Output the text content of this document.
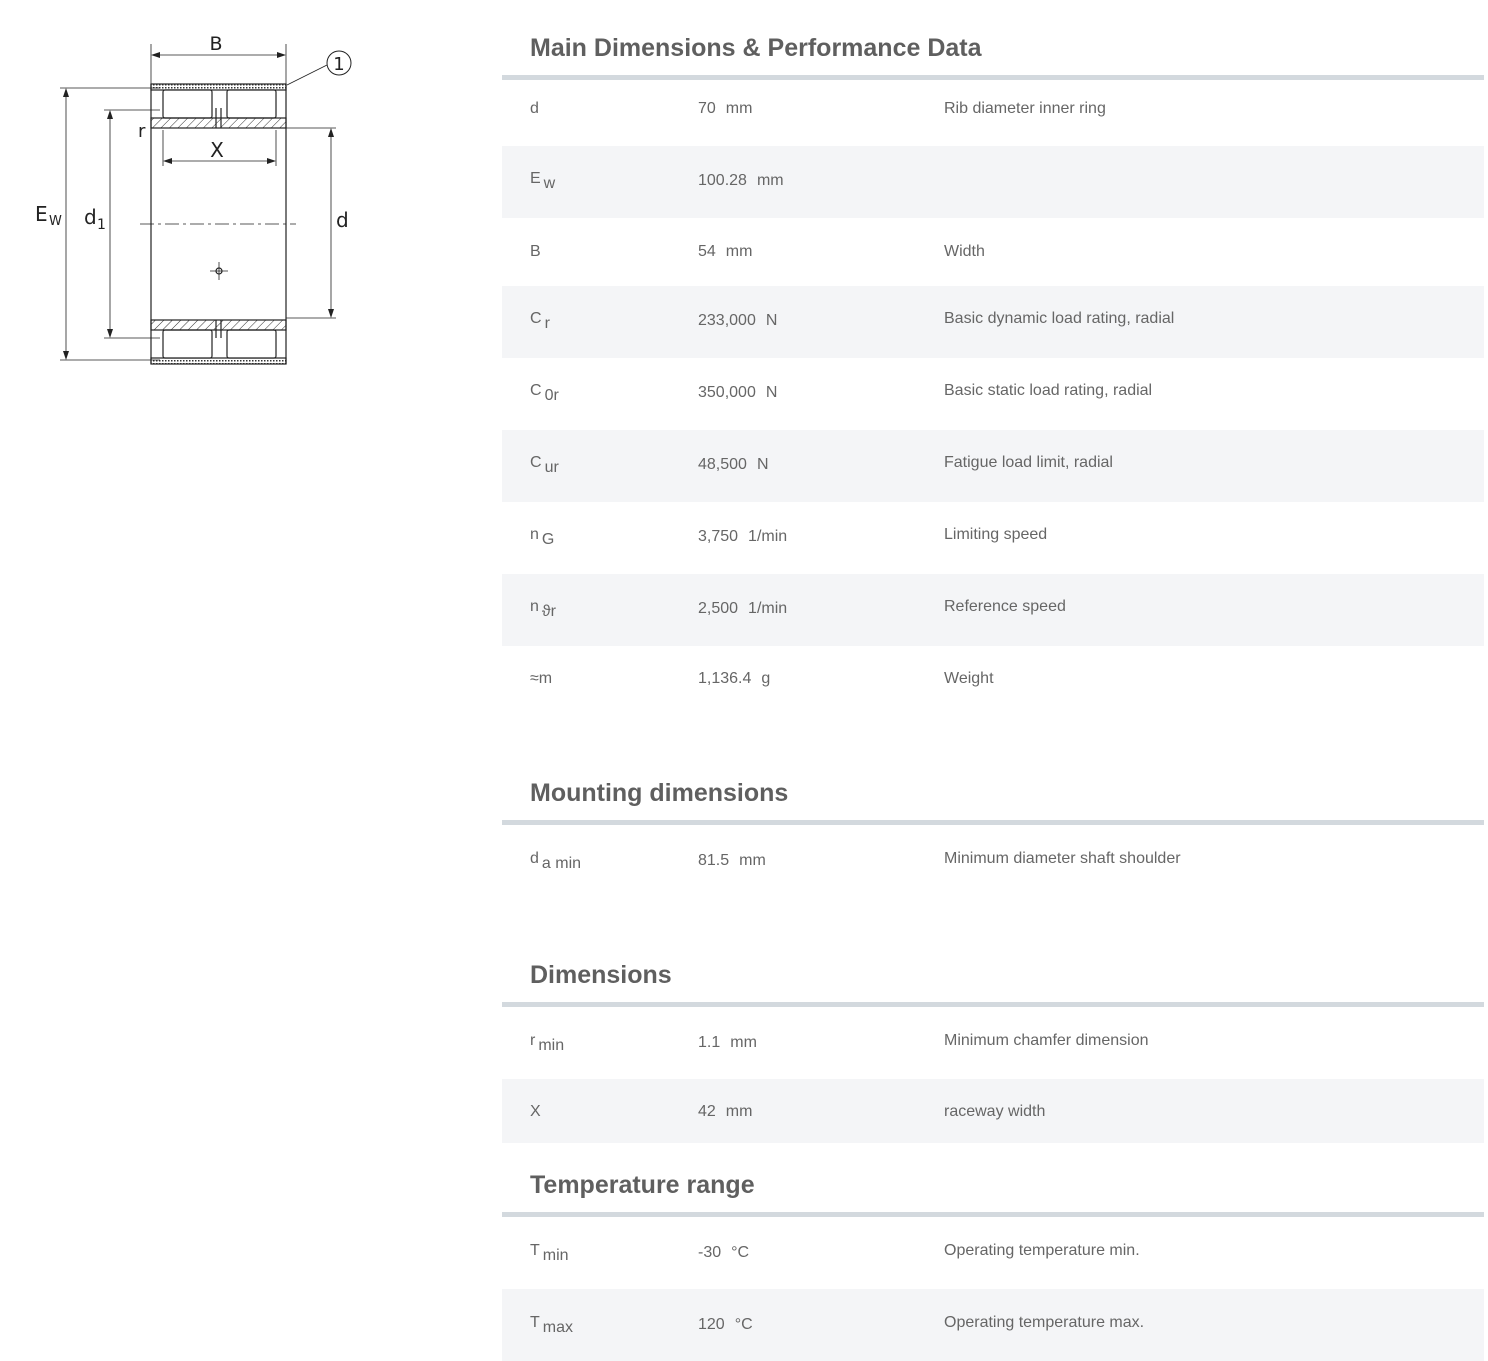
B
1
r
X
E W d 1	d
Main Dimensions & Performance Data
d	70 mm	Rib diameter inner ring
E w	100.28 mm
B	54 mm	Width
C r	233,000 N	Basic dynamic load rating, radial
C 0r	350,000 N	Basic static load rating, radial
C ur	48,500 N	Fatigue load limit, radial
n G	3,750 1/min	Limiting speed
n ϑr	2,500 1/min	Reference speed
≈m	1,136.4 g	Weight
Mounting dimensions
d a min	81.5 mm	Minimum diameter shaft shoulder
Dimensions
r min	1.1 mm	Minimum chamfer dimension
X	42 mm	raceway width
Temperature range
T min	-30 °C	Operating temperature min.
T max	120 °C	Operating temperature max.
